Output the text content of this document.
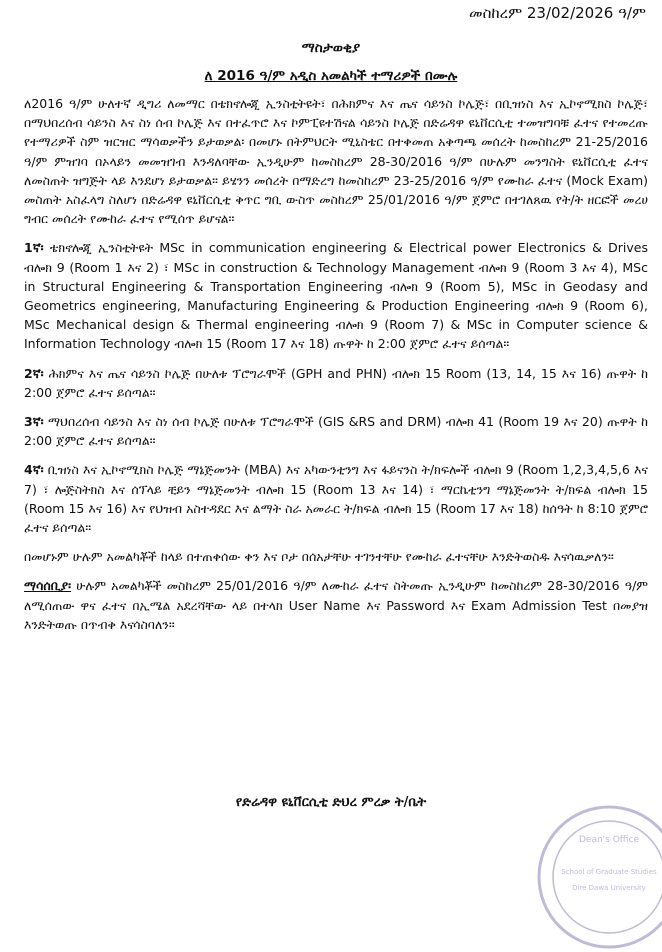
መስከረም 23/02/2026 ዓ/ም
ማስታወቂያ
ለ 2016 ዓ/ም አዲስ አመልካች ተማሪዎች በሙሉ

ለ2016 ዓ/ም ሁለተኛ ዲግሪ ለመማር በቴክኖሎጂ ኢንስቲትዩት፣ በሕክምና እና ጤና ሳይንስ ኮሌጅ፣ በቢዝነስ እና ኢኮኖሚክስ ኮሌጅ፣ በማህበረሰብ ሳይንስ እና ስነ ሰብ ኮሌጅ እና በተፈጥሮ እና ኮምፒዩተሽናል ሳይንስ ኮሌጅ በድሬዳዋ ዩኒቨርሲቲ ተመዝግባቹ ፈተና የተመረጡ የተማሪዎች ስም ዝርዝር ማሳወቃችን ይታወቃል፡ በመሆኑ በትምህርት ሚኒስቴር በተቀመጠ አቅጣጫ መሰረት ከመስከረም 21-25/2016 ዓ/ም ምዝገባ በኦላይን መመዝገብ እንዳለባቸው ኢንዲሁም ከመስከረም 28-30/2016 ዓ/ም በሁሉም መንግስት ዩኒቨርሲቲ ፈተና ለመስጠት ዝግጅት ላይ እንደሆነ ይታወቃል። ይሄንን መሰረት በማድረግ ከመስከረም 23-25/2016 ዓ/ም የሙከራ ፈተና (Mock Exam) መስጠት አስፈላግ ስለሆነ በድሬዳዋ ዩኒቨርሲቲ ቅጥር ግቢ ውስጥ መስከረም 25/01/2016 ዓ/ም ጀምሮ በተገለጸዉ የት/ት ዘርፎች መረሀ ግብር መሰረት የሙከራ ፈተና የሚሰጥ ይሆናል።

1ኛ፡ ቴክኖሎጂ ኢንስቲትዩት MSc in communication engineering & Electrical power Electronics & Drives ብሎክ 9 (Room 1 እና 2) ፣ MSc in construction & Technology Management ብሎክ 9 (Room 3 እና 4), MSc in Structural Engineering & Transportation Engineering ብሎክ 9 (Room 5), MSc in Geodasy and Geometrics engineering, Manufacturing Engineering & Production Engineering ብሎክ 9 (Room 6), MSc Mechanical design & Thermal engineering ብሎክ 9 (Room 7) & MSc in Computer science & Information Technology ብሎክ 15 (Room 17 እና 18) ጡዋት ከ 2:00 ጀምሮ ፈተና ይሰጣል።

2ኛ፡ ሕክምና እና ጤና ሳይንስ ኮሌጅ በሁለቱ ፕሮግራሞች (GPH and PHN) ብሎክ 15 Room (13, 14, 15 እና 16) ጡዋት ከ 2:00 ጀምሮ ፈተና ይሰጣል።

3ኛ፡ ማህበረሰብ ሳይንስ እና ስነ ሰብ ኮሌጅ በሁለቱ ፕሮግራሞች (GIS &RS and DRM) ብሎክ 41 (Room 19 እና 20) ጡዋት ከ 2:00 ጀምሮ ፈተና ይሰጣል።

4ኛ፡ ቢዝነስ እና ኢኮኖሚክስ ኮሌጅ ማኔጅመንት (MBA) እና አካውንቲንግ እና ፋይናንስ ት/ክፍሎች ብሎክ 9 (Room 1,2,3,4,5,6 እና 7) ፣ ሎጅስትክስ እና ሰፕላይ ቺይን ማኔጅመንት ብሎክ 15 (Room 13 እና 14) ፣ ማርኬቲንግ ማኔጅመንት ት/ክፍል ብሎክ 15 (Room 15 እና 16) እና የህዝብ አስተዳደር እና ልማት ስራ አመራር ት/ክፍል ብሎክ 15 (Room 17 እና 18) ከሰዓት ከ 8:10 ጀምሮ ፈተና ይሰጣል።

በመሆኑም ሁሉም አመልካቾች ከላይ በተጠቀሰው ቀን እና ቦታ በሰአታቸሁ ተገንተቸሁ የሙከራ ፈተናቸሁ እንድትወስዱ እናሳዉቃለን።

ማሳሰቢያ፡ ሁሉም አመልካቾች መስከረም 25/01/2016 ዓ/ም ለሙከራ ፈተና ስትመጡ ኢንዲሁም ከመስከረም 28-30/2016 ዓ/ም ለሚሰጠው ዋና ፈተና በኢሜል አደረሻቸው ላይ በተላክ User Name እና Password እና Exam Admission Test በመያዝ እንድትወጡ በጥብቅ እናሳስባለን።

የድሬዳዋ ዩኒቨርሲቲ ድህረ ምረቃ ት/ቤት
Dean's Office
School of Graduate Studies
Dire Dawa University
